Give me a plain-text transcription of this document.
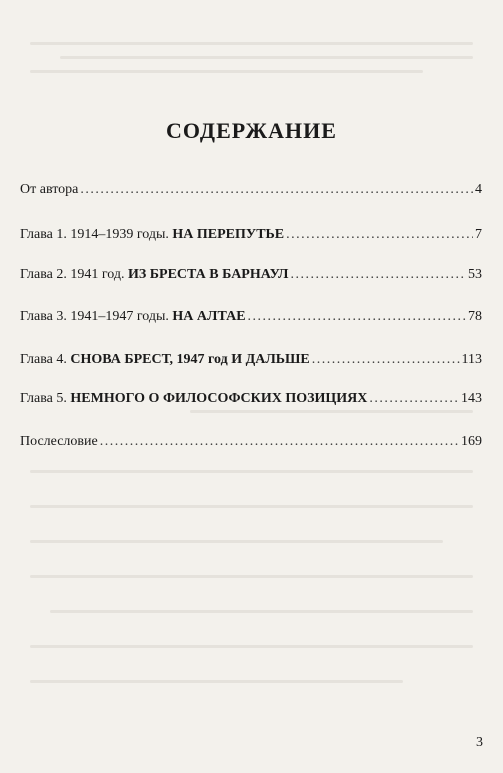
СОДЕРЖАНИЕ
От автора . . .	4
Глава 1. 1914–1939 годы. НА ПЕРЕПУТЬЕ . . .	7
Глава 2. 1941 год. ИЗ БРЕСТА В БАРНАУЛ . . .	53
Глава 3. 1941–1947 годы. НА АЛТАЕ . . .	78
Глава 4. СНОВА БРЕСТ, 1947 год И ДАЛЬШЕ . . .	113
Глава 5. НЕМНОГО О ФИЛОСОФСКИХ ПОЗИЦИЯХ . . .	143
Послесловие . . .	169
3
